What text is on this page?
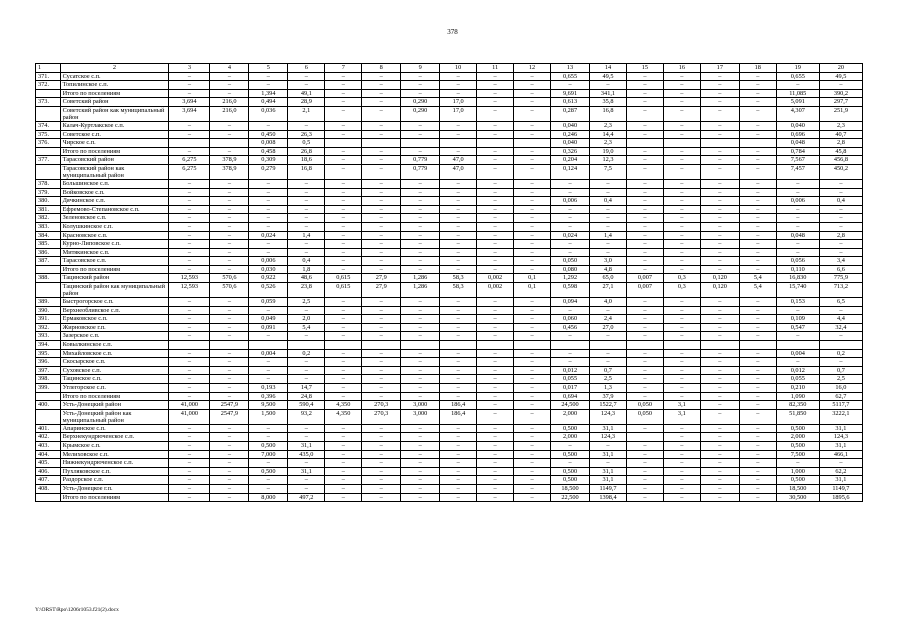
378
1	2	3	4	5	6	7	8	9	10	11	12	13	14	15	16	17	18	19	20
371.	Сусатское с.п.	–	–	–	–	–	–	–	–	–	–	0,655	49,5	–	–	–	–	0,655	49,5
372.	Топилинское с.п.	–	–	–	–	–	–	–	–	–	–	–	–	–	–	–	–	–	–
	Итого по поселениям	–	–	1,394	49,1	–	–	–	–	–	–	9,691	341,1	–	–	–	–	11,085	390,2
373.	Советский район	3,694	216,0	0,494	28,9	–	–	0,290	17,0	–	–	0,613	35,8	–	–	–	–	5,091	297,7
	Советский район как муниципальный район	3,694	216,0	0,036	2,1	–	–	0,290	17,0	–	–	0,287	16,8	–	–	–	–	4,307	251,9
374.	Калач-Куртлакское с.п.	–	–	–	–	–	–	–	–	–	–	0,040	2,3	–	–	–	–	0,040	2,3
375.	Советское с.п.	–	–	0,450	26,3	–	–	–	–	–	–	0,246	14,4	–	–	–	–	0,696	40,7
376.	Чирское с.п.			0,008	0,5							0,040	2,3					0,048	2,8
	Итого по поселениям	–	–	0,458	26,8	–	–	–	–	–	–	0,326	19,0	–	–	–	–	0,784	45,8
377.	Тарасовский район	6,275	378,9	0,309	18,6	–	–	0,779	47,0	–	–	0,204	12,3	–	–	–	–	7,567	456,8
	Тарасовский район как муниципальный район	6,275	378,9	0,279	16,8	–	–	0,779	47,0	–	–	0,124	7,5	–	–	–	–	7,457	450,2
378.	Большинское с.п.	–	–	–	–	–	–	–	–	–	–	–	–	–	–	–	–	–	–
379.	Войковское с.п.	–	–	–	–	–	–	–	–	–	–	–	–	–	–	–	–	–	–
380.	Дячкинское с.п.	–	–	–	–	–	–	–	–	–	–	0,006	0,4	–	–	–	–	0,006	0,4
381.	Ефремово-Степановское с.п.	–	–	–	–	–	–	–	–	–	–	–	–	–	–	–	–	–	–
382.	Зеленовское с.п.	–	–	–	–	–	–	–	–	–	–	–	–	–	–	–	–	–	–
383.	Колушкинское с.п.	–	–	–	–	–	–	–	–	–	–	–	–	–	–	–	–	–	–
384.	Красновское с.п.	–	–	0,024	1,4	–	–	–	–	–	–	0,024	1,4	–	–	–	–	0,048	2,8
385.	Курно-Липовское с.п.	–	–	–	–	–	–	–	–	–	–	–	–	–	–	–	–	–	–
386.	Митякинское с.п.	–	–	–	–	–	–	–	–	–	–	–	–	–	–	–	–	–	–
387.	Тарасовское с.п.	–	–	0,006	0,4	–	–	–	–	–	–	0,050	3,0	–	–	–	–	0,056	3,4
	Итого по поселениям	–	–	0,030	1,8	–	–	–	–	–	–	0,080	4,8	–	–	–	–	0,110	6,6
388.	Тацинский район	12,593	570,6	0,922	48,6	0,615	27,9	1,286	58,3	0,002	0,1	1,292	65,0	0,007	0,3	0,120	5,4	16,830	775,9
	Тацинский район как муниципальный район	12,593	570,6	0,526	23,8	0,615	27,9	1,286	58,3	0,002	0,1	0,598	27,1	0,007	0,3	0,120	5,4	15,740	713,2
389.	Быстрогорское с.п.	–	–	0,059	2,5	–	–	–	–	–	–	0,094	4,0	–	–	–	–	0,153	6,5
390.	Верхнеобливское с.п.	–	–	–	–	–	–	–	–	–	–	–	–	–	–	–	–	–	–
391.	Ермаковское с.п.	–	–	0,049	2,0	–	–	–	–	–	–	0,060	2,4	–	–	–	–	0,109	4,4
392.	Жирновское г.п.	–	–	0,091	5,4	–	–	–	–	–	–	0,456	27,0	–	–	–	–	0,547	32,4
393.	Зазерское с.п.	–	–	–	–	–	–	–	–	–	–	–	–	–	–	–	–	–	–
394.	Ковылкинское с.п.																		
395.	Михайловское с.п.	–	–	0,004	0,2	–	–	–	–	–	–	–	–	–	–	–	–	0,004	0,2
396.	Скосырское с.п.	–	–	–	–	–	–	–	–	–	–	–	–	–	–	–	–	–	–
397.	Суховское с.п.	–	–	–	–	–	–	–	–	–	–	0,012	0,7	–	–	–	–	0,012	0,7
398.	Тацинское с.п.	–	–	–	–	–	–	–	–	–	–	0,055	2,5	–	–	–	–	0,055	2,5
399.	Углегорское с.п.	–	–	0,193	14,7	–	–	–	–	–	–	0,017	1,3	–	–	–	–	0,210	16,0
	Итого по поселениям	–	–	0,396	24,8	–	–	–	–	–	–	0,694	37,9	–	–	–	–	1,090	62,7
400.	Усть-Донецкий район	41,000	2547,9	9,500	590,4	4,350	270,3	3,000	186,4	–	–	24,500	1522,7	0,050	3,1	–	–	82,350	5117,7
	Усть-Донецкий район как муниципальный район	41,000	2547,9	1,500	93,2	4,350	270,3	3,000	186,4	–	–	2,000	124,3	0,050	3,1	–	–	51,850	3222,1
401.	Апаринское с.п.	–	–	–	–	–	–	–	–	–	–	0,500	31,1	–	–	–	–	0,500	31,1
402.	Верхнекундрюченское с.п.	–	–	–	–	–	–	–	–	–	–	2,000	124,3		–	–	–	2,000	124,3
403.	Крымское с.п.	–	–	0,500	31,1	–	–	–	–	–	–	–	–	–	–	–	–	0,500	31,1
404.	Мелиховское с.п.	–	–	7,000	435,0	–	–	–	–	–	–	0,500	31,1	–	–	–	–	7,500	466,1
405.	Нижнекундрюченское с.п.	–	–	–	–	–	–	–	–	–	–	–	–	–	–	–	–	–	–
406.	Пухляковское с.п.	–	–	0,500	31,1	–	–	–	–	–	–	0,500	31,1	–	–	–	–	1,000	62,2
407.	Раздорское с.п.	–	–	–	–	–	–	–	–	–	–	0,500	31,1	–	–	–	–	0,500	31,1
408.	Усть-Донецкое г.п.	–	–	–	–	–	–	–	–	–	–	18,500	1149,7	–	–	–	–	18,500	1149,7
	Итого по поселениям	–	–	8,000	497,2	–	–	–	–	–	–	22,500	1398,4	–	–	–	–	30,500	1895,6
Y:\ORST\Rpo\1206r1053.f21(2).docx
